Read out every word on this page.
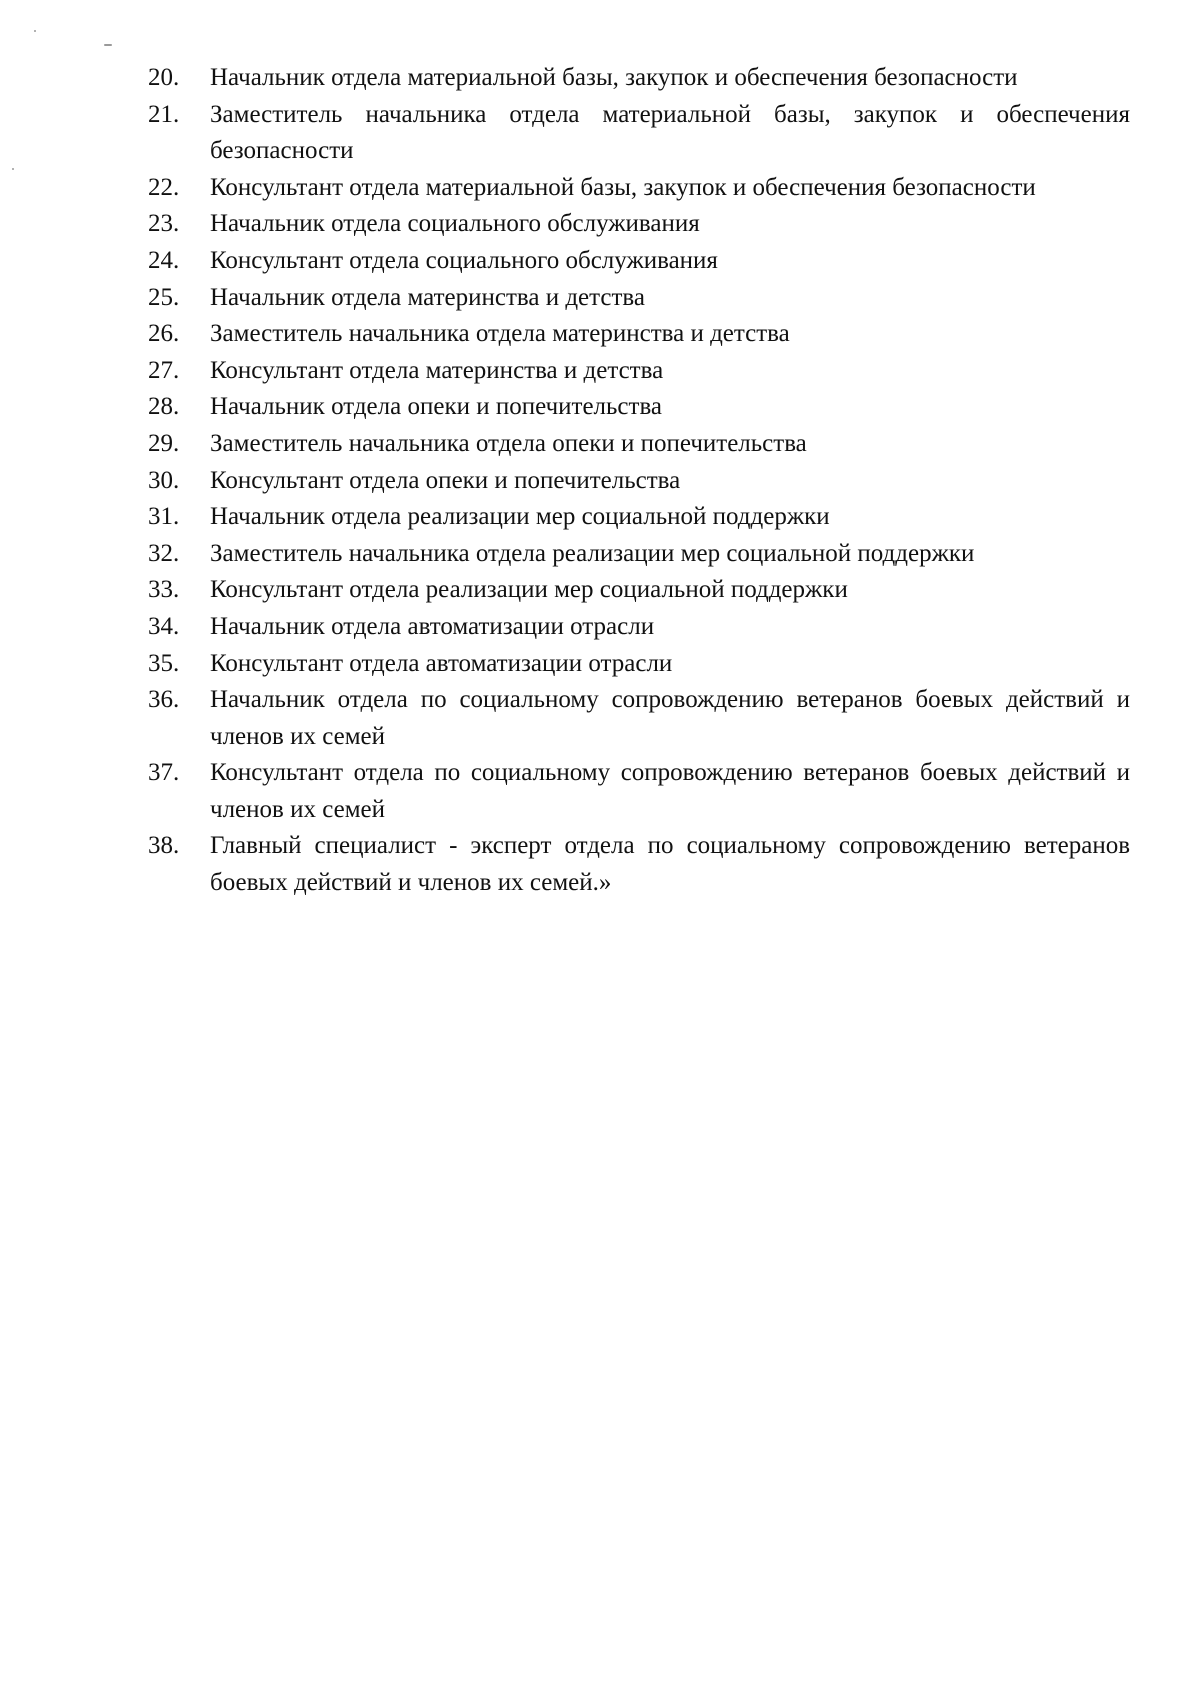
20.	Начальник отдела материальной базы, закупок и обеспечения безопасности
21.	Заместитель начальника отдела материальной базы, закупок и обеспечения безопасности
22.	Консультант отдела материальной базы, закупок и обеспечения безопасности
23.	Начальник отдела социального обслуживания
24.	Консультант отдела социального обслуживания
25.	Начальник отдела материнства и детства
26.	Заместитель начальника отдела материнства и детства
27.	Консультант отдела материнства и детства
28.	Начальник отдела опеки и попечительства
29.	Заместитель начальника отдела опеки и попечительства
30.	Консультант отдела опеки и попечительства
31.	Начальник отдела реализации мер социальной поддержки
32.	Заместитель начальника отдела реализации мер социальной поддержки
33.	Консультант отдела реализации мер социальной поддержки
34.	Начальник отдела автоматизации отрасли
35.	Консультант отдела автоматизации отрасли
36.	Начальник отдела по социальному сопровождению ветеранов боевых действий и членов их семей
37.	Консультант отдела по социальному сопровождению ветеранов боевых действий и членов их семей
38.	Главный специалист - эксперт отдела по социальному сопровождению ветеранов боевых действий и членов их семей.»
